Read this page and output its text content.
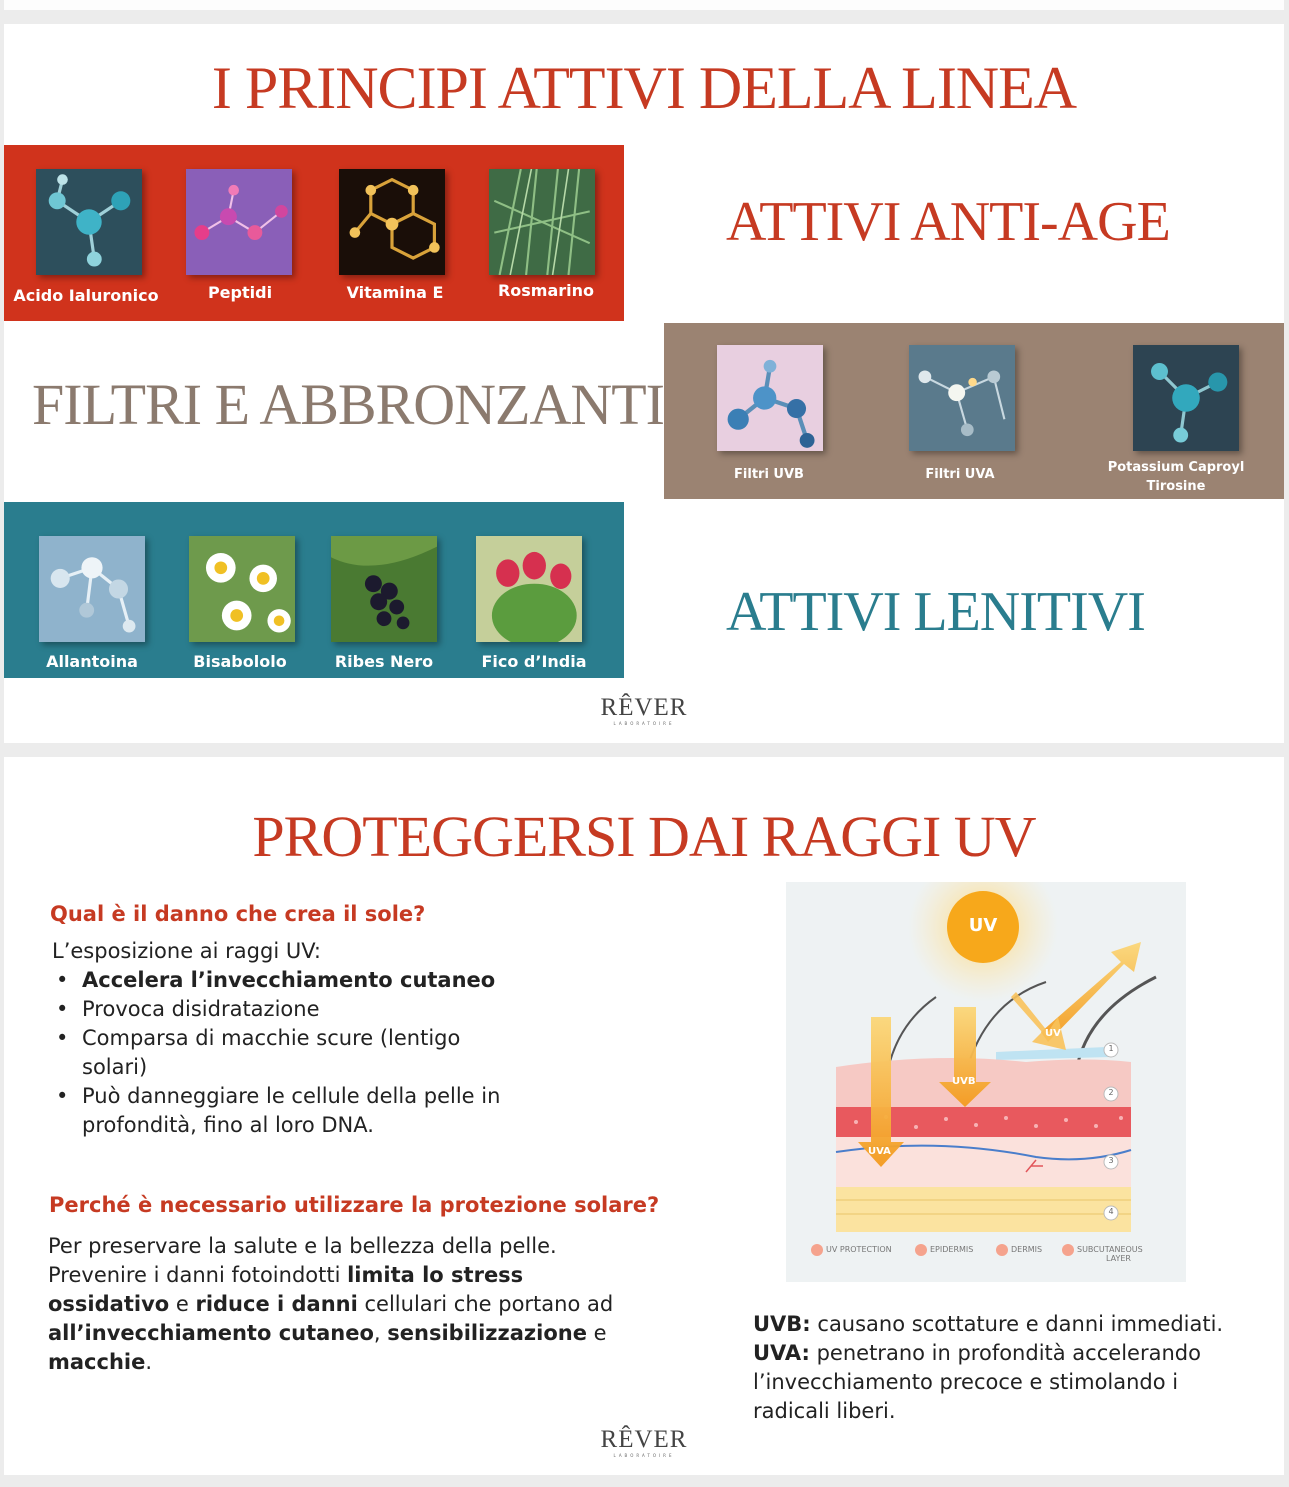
I PRINCIPI ATTIVI DELLA LINEA
Acido Ialuronico	Peptidi	Vitamina E	Rosmarino
ATTIVI ANTI-AGE
FILTRI E ABBRONZANTI
Filtri UVB	Filtri UVA	Potassium Caproyl
Tirosine
Allantoina	Bisabololo	Ribes Nero	Fico d’India
ATTIVI LENITIVI
RÊVER
LABORATOIRE
PROTEGGERSI DAI RAGGI UV
Qual è il danno che crea il sole?
L’esposizione ai raggi UV:
• Accelera l’invecchiamento cutaneo
• Provoca disidratazione
• Comparsa di macchie scure (lentigo solari)
• Può danneggiare le cellule della pelle in profondità, fino al loro DNA.
Perché è necessario utilizzare la protezione solare?
Per preservare la salute e la bellezza della pelle.
Prevenire i danni fotoindotti limita lo stress ossidativo e riduce i danni cellulari che portano ad all’invecchiamento cutaneo, sensibilizzazione e macchie.
UV
UVB
UVA
UV
1
2
3
4
UV PROTECTION	EPIDERMIS	DERMIS	SUBCUTANEOUS
LAYER
UVB: causano scottature e danni immediati.
UVA: penetrano in profondità accelerando l’invecchiamento precoce e stimolando i radicali liberi.
RÊVER
LABORATOIRE
